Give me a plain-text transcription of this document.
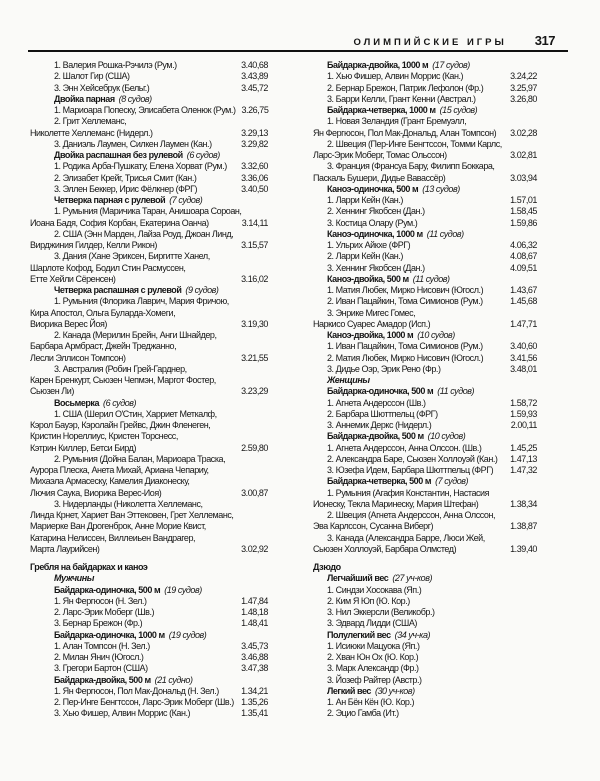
ОЛИМПИЙСКИЕ ИГРЫ 317
1. Валерия Рошка-Рэчилэ (Рум.)	3.40,68
2. Шалот Гир (США)	3.43,89
3. Энн Хейсебрук (Бельг.)	3.45,72
Двойка парная (8 судов)
1. Мариоара Попеску, Элисабета Оленюк (Рум.) 3.26,75
2. Грит Хеллеманс,
Николетте Хеллеманс (Нидерл.)	3.29,13
3. Даниэль Лаумен, Силкен Лаумен (Кан.)	3.29,82
Двойка распашная без рулевой (6 судов)
1. Родика Арба-Пушкату, Елена Хорват (Рум.)	3.32,60
2. Элизабет Крейг, Трисья Смит (Кан.)	3.36,06
3. Эллен Беккер, Ирис Фёлкнер (ФРГ)	3.40,50
Четверка парная с рулевой (7 судов)
1. Румыния (Маричика Таран, Анишоара Сороан,
Иоана Бадя, София Корбан, Екатерина Оанча)	3.14,11
2. США (Энн Марден, Лайза Роуд, Джоан Линд,
Вирджиния Гилдер, Келли Рикон)	3.15,57
3. Дания (Хане Эриксен, Биргитте Ханел,
Шарлоте Кофод, Бодил Стин Расмуссен,
Етте Хейли Сёренсен)	3.16,02
Четверка распашная с рулевой (9 судов)
1. Румыния (Флорика Лаврич, Мария Фричою,
Кира Апостол, Ольга Буларда-Хомеги,
Виорика Верес Йоя)	3.19,30
2. Канада (Мерилин Брейн, Анги Шнайдер,
Барбара Армбраст, Джейн Треджанно,
Лесли Эллисон Томпсон)	3.21,55
3. Австралия (Робин Грей-Гарднер,
Карен Бренкурт, Сьюзен Чепмэн, Маргот Фостер,
Сьюзен Ли)	3.23,29
Восьмерка (6 судов)
1. США (Шерил О'Стин, Харриет Меткалф,
Кэрол Бауэр, Кэролайн Грейвс, Джин Фленеген,
Кристин Нореллиус, Кристен Торснесс,
Кэтрин Киллер, Бетси Бирд)	2.59,80
2. Румыния (Дойна Балан, Мариоара Траска,
Аурора Плеска, Анета Михай, Ариана Чепариу,
Михаэла Армасеску, Камелия Диаконеску,
Лючия Саука, Виорика Верес-Иоя)	3.00,87
3. Нидерланды (Николетта Хеллеманс,
Линда Крнет, Хариет Ван Эттековен, Грет Хеллеманс,
Мариерке Ван Дрогенброк, Анне Морие Квист,
Катарина Нелиссен, Виллеиьен Вандрагер,
Марта Лаурийсен)	3.02,92
Гребля на байдарках и каноэ
Мужчины
Байдарка-одиночка, 500 м (19 судов)
1. Ян Фергюсон (Н. Зел.)	1.47,84
2. Ларс-Эрик Моберг (Шв.)	1.48,18
3. Бернар Брежон (Фр.)	1.48,41
Байдарка-одиночка, 1000 м (19 судов)
1. Алан Томпсон (Н. Зел.)	3.45,73
2. Милан Янич (Югосл.)	3.46,88
3. Грегори Бартон (США)	3.47,38
Байдарка-двойка, 500 м (21 судно)
1. Ян Фергюсон, Пол Мак-Дональд (Н. Зел.)	1.34,21
2. Пер-Инге Бенгтссон, Ларс-Эрик Моберг (Шв.) 1.35,26
3. Хью Фишер, Алвин Моррис (Кан.)	1.35,41
Байдарка-двойка, 1000 м (17 судов)
1. Хью Фишер, Алвин Моррис (Кан.)	3.24,22
2. Бернар Брежон, Патрик Лефолон (Фр.)	3.25,97
3. Барри Келли, Грант Кенни (Австрал.)	3.26,80
Байдарка-четверка, 1000 м (15 судов)
1. Новая Зеландия (Грант Бремуэлл,
Ян Фергюсон, Пол Мак-Дональд, Алан Томпсон)	3.02,28
2. Швеция (Пер-Инге Бенгтссон, Томми Карлс,
Ларс-Эрик Моберг, Томас Ольссон)	3.02,81
3. Франция (Франсуа Бару, Филипп Боккара,
Паскаль Бушери, Дидье Вавассёр)	3.03,94
Каноэ-одиночка, 500 м (13 судов)
1. Ларри Кейн (Кан.)	1.57,01
2. Хеннинг Якобсен (Дан.)	1.58,45
3. Костица Олару (Рум.)	1.59,86
Каноэ-одиночка, 1000 м (11 судов)
1. Ульрих Айкхе (ФРГ)	4.06,32
2. Ларри Кейн (Кан.)	4.08,67
3. Хеннинг Якобсен (Дан.)	4.09,51
Каноэ-двойка, 500 м (11 судов)
1. Матия Любек, Мирко Нисович (Югосл.)	1.43,67
2. Иван Пацайкин, Тома Симионов (Рум.)	1.45,68
3. Энрике Мигес Гомес,
Наркисо Суарес Амадор (Исп.)	1.47,71
Каноэ-двойка, 1000 м (10 судов)
1. Иван Пацайкин, Тома Симионов (Рум.)	3.40,60
2. Матия Любек, Мирко Нисович (Югосл.)	3.41,56
3. Дидье Оэр, Эрик Рено (Фр.)	3.48,01
Женщины
Байдарка-одиночка, 500 м (11 судов)
1. Агнета Андерссон (Шв.)	1.58,72
2. Барбара Шюттпельц (ФРГ)	1.59,93
3. Аннемик Деркс (Нидерл.)	2.00,11
Байдарка-двойка, 500 м (10 судов)
1. Агнета Андерссон, Анна Олссон. (Шв.)	1.45,25
2. Александра Баре, Сьюзен Холлоуэй (Кан.)	1.47,13
3. Юзефа Идем, Барбара Шюттпельц (ФРГ)	1.47,32
Байдарка-четверка, 500 м (7 судов)
1. Румыния (Агафия Константин, Настасия
Ионеску, Текла Маринеску, Мария Штефан)	1.38,34
2. Швеция (Агнета Андерссон, Анна Олссон,
Эва Карлссон, Сусанна Виберг)	1.38,87
3. Канада (Александра Барре, Люси Жей,
Сьюзен Холлоуэй, Барбара Олмстед)	1.39,40
Дзюдо
Легчайший вес (27 уч-ков)
1. Синдзи Хосокава (Яп.)
2. Ким Я Юп (Ю. Кор.)
3. Нил Эккерсли (Великобр.)
3. Эдвард Лидди (США)
Полулегкий вес (34 уч-ка)
1. Исиюки Мацуока (Яп.)
2. Хван Юн Ох (Ю. Кор.)
3. Марк Александр (Фр.)
3. Йозеф Райтер (Австр.)
Легкий вес (30 уч-ков)
1. Ан Бён Кён (Ю. Кор.)
2. Эцио Гамба (Ит.)
